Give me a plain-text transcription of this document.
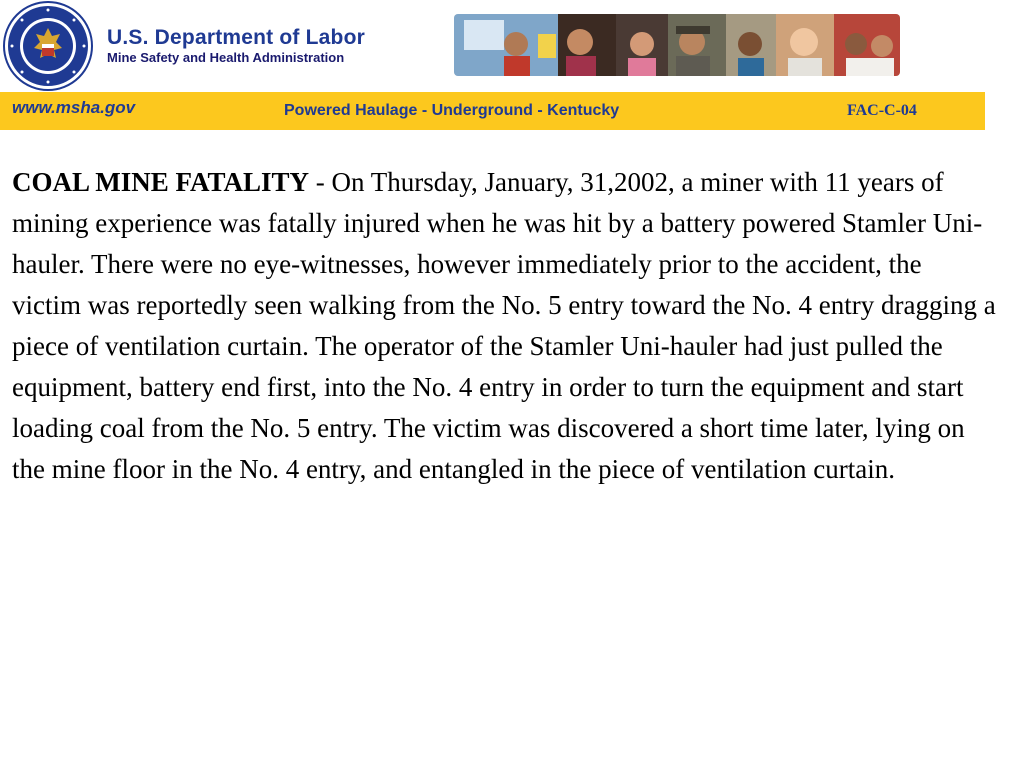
U.S. Department of Labor
Mine Safety and Health Administration
www.msha.gov	Powered Haulage - Underground - Kentucky	FAC-C-04
COAL MINE FATALITY - On Thursday, January, 31,2002, a miner with 11 years of mining experience was fatally injured when he was hit by a battery powered Stamler Uni-hauler. There were no eye-witnesses, however immediately prior to the accident, the victim was reportedly seen walking from the No. 5 entry toward the No. 4 entry dragging a piece of ventilation curtain. The operator of the Stamler Uni-hauler had just pulled the equipment, battery end first, into the No. 4 entry in order to turn the equipment and start loading coal from the No. 5 entry. The victim was discovered a short time later, lying on the mine floor in the No. 4 entry, and entangled in the piece of ventilation curtain.
